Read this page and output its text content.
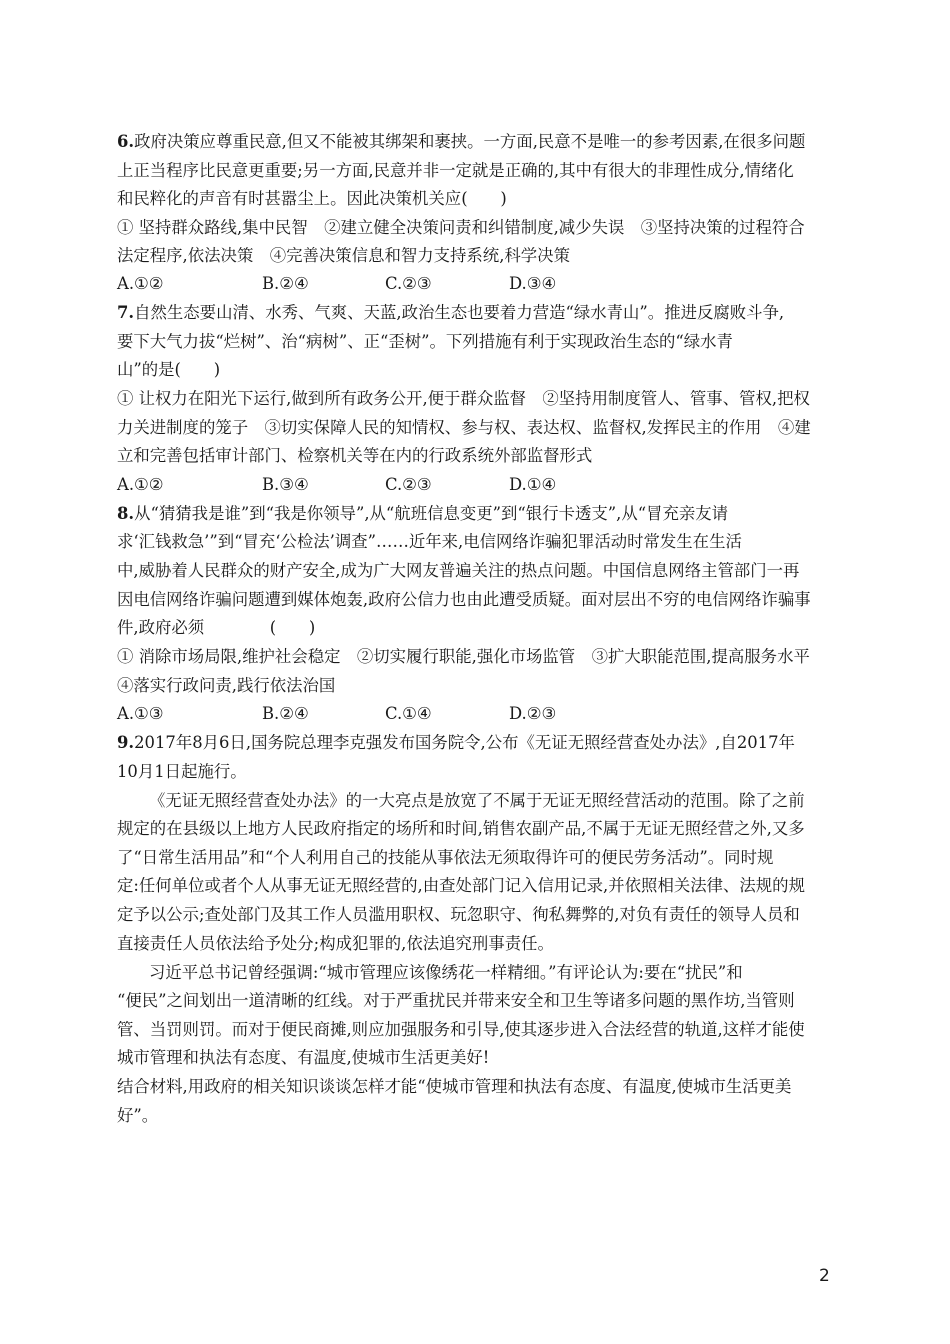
6.政府决策应尊重民意,但又不能被其绑架和裹挟。一方面,民意不是唯一的参考因素,在很多问题
上正当程序比民意更重要;另一方面,民意并非一定就是正确的,其中有很大的非理性成分,情绪化
和民粹化的声音有时甚嚣尘上。因此决策机关应(　　)
① 坚持群众路线,集中民智　②建立健全决策问责和纠错制度,减少失误　③坚持决策的过程符合
法定程序,依法决策　④完善决策信息和智力支持系统,科学决策
A.①②	B.②④	C.②③	D.③④
7.自然生态要山清、水秀、气爽、天蓝,政治生态也要着力营造“绿水青山”。推进反腐败斗争,
要下大气力拔“烂树”、治“病树”、正“歪树”。下列措施有利于实现政治生态的“绿水青
山”的是(　　)
① 让权力在阳光下运行,做到所有政务公开,便于群众监督　②坚持用制度管人、管事、管权,把权
力关进制度的笼子　③切实保障人民的知情权、参与权、表达权、监督权,发挥民主的作用　④建
立和完善包括审计部门、检察机关等在内的行政系统外部监督形式
A.①②	B.③④	C.②③	D.①④
8.从“猜猜我是谁”到“我是你领导”,从“航班信息变更”到“银行卡透支”,从“冒充亲友请
求‘汇钱救急’”到“冒充‘公检法’调查”……近年来,电信网络诈骗犯罪活动时常发生在生活
中,威胁着人民群众的财产安全,成为广大网友普遍关注的热点问题。中国信息网络主管部门一再
因电信网络诈骗问题遭到媒体炮轰,政府公信力也由此遭受质疑。面对层出不穷的电信网络诈骗事
件,政府必须　　　　(　　)
① 消除市场局限,维护社会稳定　②切实履行职能,强化市场监管　③扩大职能范围,提高服务水平
④落实行政问责,践行依法治国
A.①③	B.②④	C.①④	D.②③
9.2017年8月6日,国务院总理李克强发布国务院令,公布《无证无照经营查处办法》,自2017年
10月1日起施行。
《无证无照经营查处办法》的一大亮点是放宽了不属于无证无照经营活动的范围。除了之前
规定的在县级以上地方人民政府指定的场所和时间,销售农副产品,不属于无证无照经营之外,又多
了“日常生活用品”和“个人利用自己的技能从事依法无须取得许可的便民劳务活动”。同时规
定:任何单位或者个人从事无证无照经营的,由查处部门记入信用记录,并依照相关法律、法规的规
定予以公示;查处部门及其工作人员滥用职权、玩忽职守、徇私舞弊的,对负有责任的领导人员和
直接责任人员依法给予处分;构成犯罪的,依法追究刑事责任。
习近平总书记曾经强调:“城市管理应该像绣花一样精细。”有评论认为:要在“扰民”和
“便民”之间划出一道清晰的红线。对于严重扰民并带来安全和卫生等诸多问题的黑作坊,当管则
管、当罚则罚。而对于便民商摊,则应加强服务和引导,使其逐步进入合法经营的轨道,这样才能使
城市管理和执法有态度、有温度,使城市生活更美好!
结合材料,用政府的相关知识谈谈怎样才能“使城市管理和执法有态度、有温度,使城市生活更美
好”。
2
